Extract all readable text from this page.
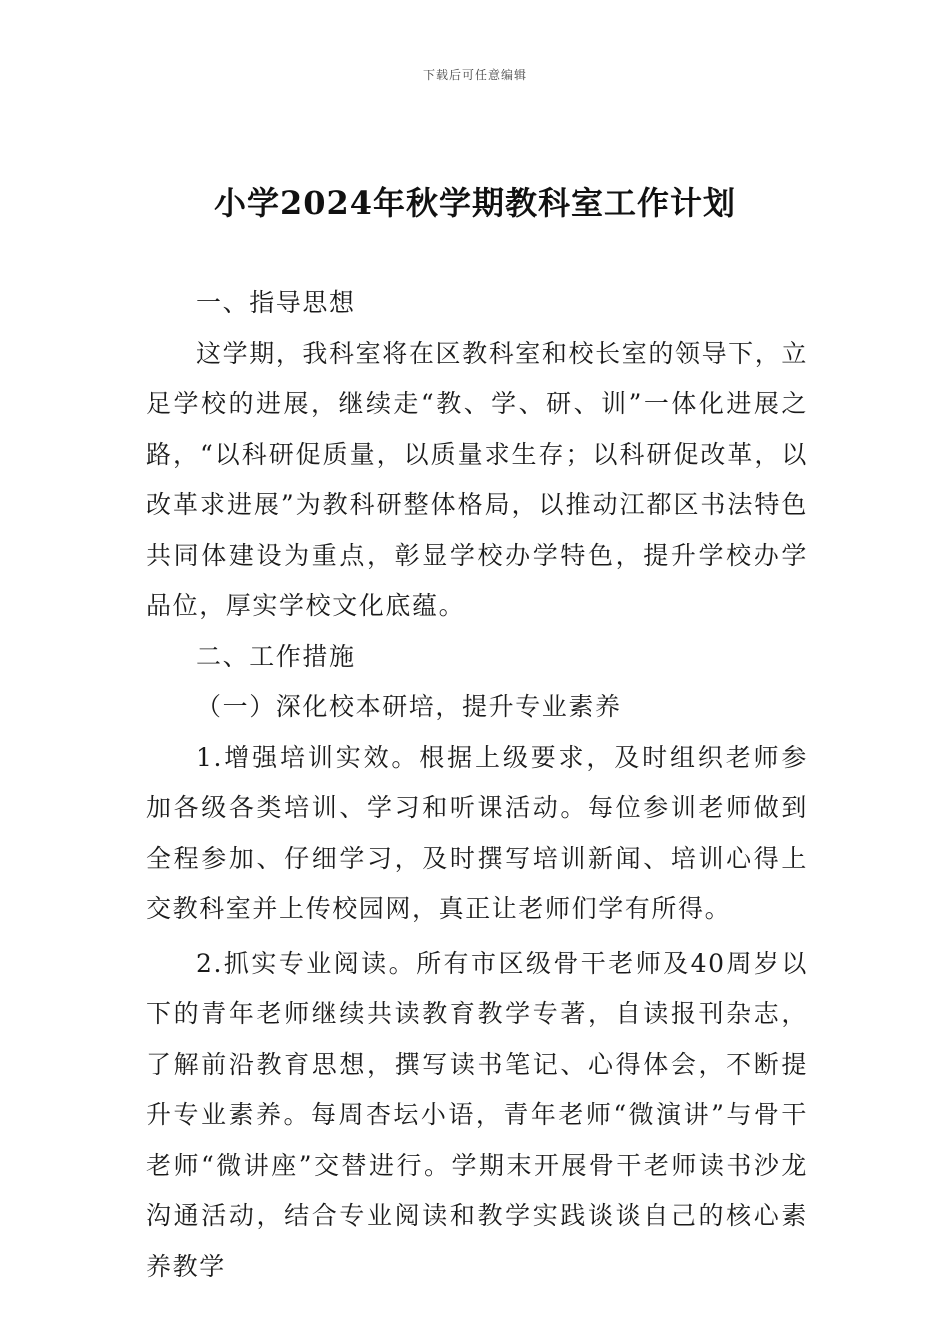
下载后可任意编辑
小学2024年秋学期教科室工作计划

一、指导思想

这学期，我科室将在区教科室和校长室的领导下，立足学校的进展，继续走“教、学、研、训”一体化进展之路，“以科研促质量，以质量求生存；以科研促改革，以改革求进展”为教科研整体格局，以推动江都区书法特色共同体建设为重点，彰显学校办学特色，提升学校办学品位，厚实学校文化底蕴。

二、工作措施

（一）深化校本研培，提升专业素养

1.增强培训实效。根据上级要求，及时组织老师参加各级各类培训、学习和听课活动。每位参训老师做到全程参加、仔细学习，及时撰写培训新闻、培训心得上交教科室并上传校园网，真正让老师们学有所得。

2.抓实专业阅读。所有市区级骨干老师及40周岁以下的青年老师继续共读教育教学专著，自读报刊杂志，了解前沿教育思想，撰写读书笔记、心得体会，不断提升专业素养。每周杏坛小语，青年老师“微演讲”与骨干老师“微讲座”交替进行。学期末开展骨干老师读书沙龙沟通活动，结合专业阅读和教学实践谈谈自己的核心素养教学
